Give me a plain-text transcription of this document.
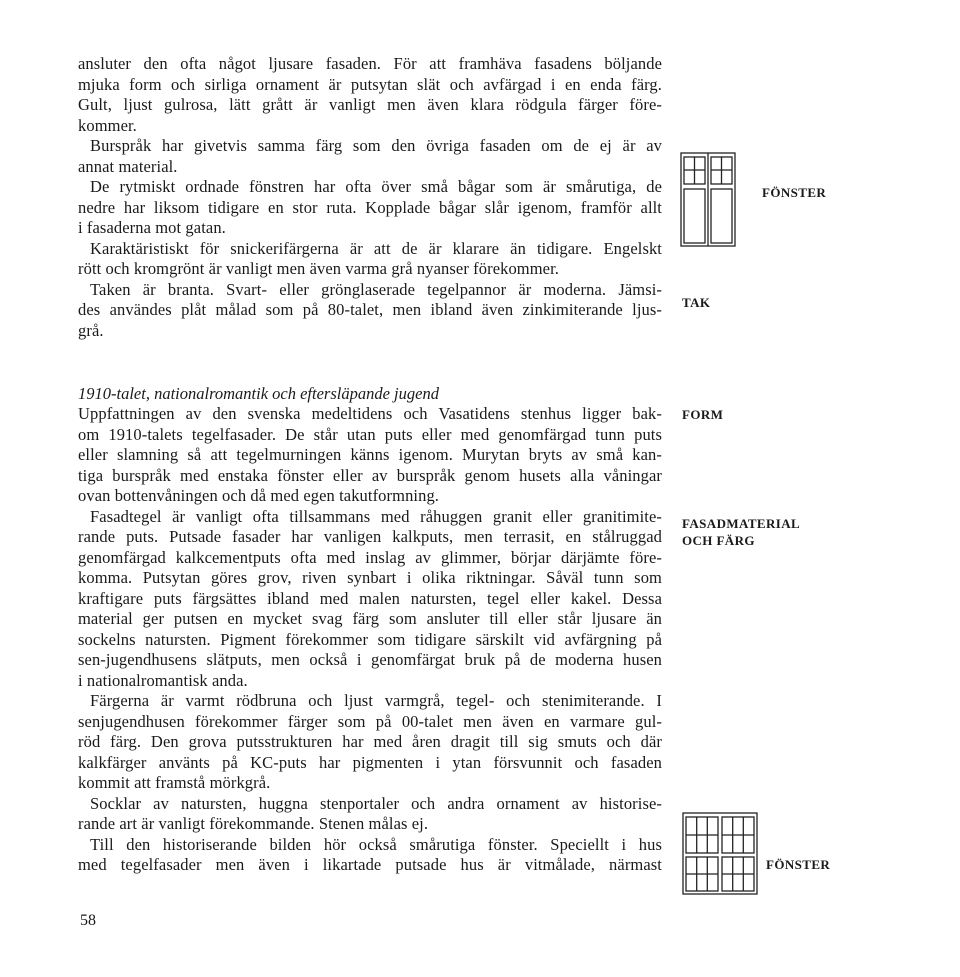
ansluter den ofta något ljusare fasaden. För att framhäva fasadens böljande
mjuka form och sirliga ornament är putsytan slät och avfärgad i en enda färg.
Gult, ljust gulrosa, lätt grått är vanligt men även klara rödgula färger före-
kommer.
Burspråk har givetvis samma färg som den övriga fasaden om de ej är av
annat material.
De rytmiskt ordnade fönstren har ofta över små bågar som är smårutiga, de
nedre har liksom tidigare en stor ruta. Kopplade bågar slår igenom, framför allt
i fasaderna mot gatan.
Karaktäristiskt för snickerifärgerna är att de är klarare än tidigare. Engelskt
rött och kromgrönt är vanligt men även varma grå nyanser förekommer.
Taken är branta. Svart- eller grönglaserade tegelpannor är moderna. Jämsi-
des användes plåt målad som på 80-talet, men ibland även zinkimiterande ljus-
grå.
1910-talet, nationalromantik och eftersläpande jugend
Uppfattningen av den svenska medeltidens och Vasatidens stenhus ligger bak-
om 1910-talets tegelfasader. De står utan puts eller med genomfärgad tunn puts
eller slamning så att tegelmurningen känns igenom. Murytan bryts av små kan-
tiga burspråk med enstaka fönster eller av burspråk genom husets alla våningar
ovan bottenvåningen och då med egen takutformning.
Fasadtegel är vanligt ofta tillsammans med råhuggen granit eller granitimite-
rande puts. Putsade fasader har vanligen kalkputs, men terrasit, en stålruggad
genomfärgad kalkcementputs ofta med inslag av glimmer, börjar därjämte före-
komma. Putsytan göres grov, riven synbart i olika riktningar. Såväl tunn som
kraftigare puts färgsättes ibland med malen natursten, tegel eller kakel. Dessa
material ger putsen en mycket svag färg som ansluter till eller står ljusare än
sockelns natursten. Pigment förekommer som tidigare särskilt vid avfärgning på
sen-jugendhusens slätputs, men också i genomfärgat bruk på de moderna husen
i nationalromantisk anda.
Färgerna är varmt rödbruna och ljust varmgrå, tegel- och stenimiterande. I
senjugendhusen förekommer färger som på 00-talet men även en varmare gul-
röd färg. Den grova putsstrukturen har med åren dragit till sig smuts och där
kalkfärger använts på KC-puts har pigmenten i ytan försvunnit och fasaden
kommit att framstå mörkgrå.
Socklar av natursten, huggna stenportaler och andra ornament av historise-
rande art är vanligt förekommande. Stenen målas ej.
Till den historiserande bilden hör också smårutiga fönster. Speciellt i hus
med tegelfasader men även i likartade putsade hus är vitmålade, närmast
FÖNSTER
TAK
FORM
FASADMATERIAL
OCH FÄRG
FÖNSTER
58
